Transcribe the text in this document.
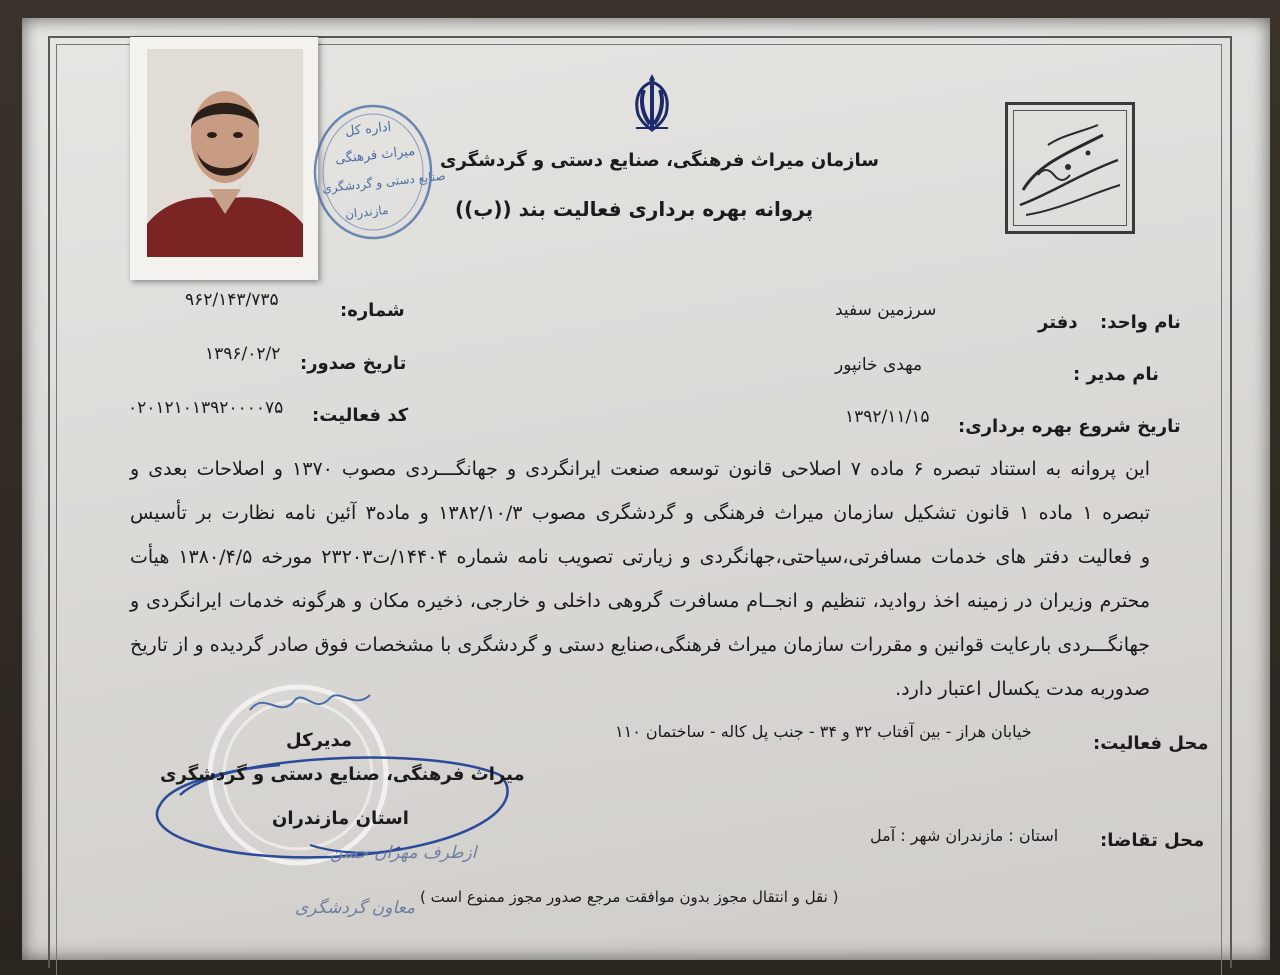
سازمان میراث فرهنگی، صنایع دستی و گردشگری
پروانه بهره برداری فعالیت بند ((ب))
اداره کل
میراث فرهنگی
صنایع دستی و گردشگری
مازندران
۹۶۲/۱۴۳/۷۳۵	شماره:
۱۳۹۶/۰۲/۲ تاریخ صدور:
۰۲۰۱۲۱۰۱۳۹۲۰۰۰۰۷۵ کد فعالیت:
سرزمین سفید
دفتر نام واحد:
مهدی خانپور	نام مدیر :
۱۳۹۲/۱۱/۱۵ تاریخ شروع بهره برداری:
این پروانه به استناد تبصره ۶ ماده ۷ اصلاحی قانون توسعه صنعت ایرانگردی و جهانگـــردی مصوب ۱۳۷۰ و اصلاحات بعدی و
تبصره ۱ ماده ۱ قانون تشکیل سازمان میراث فرهنگی و گردشگری مصوب ۱۳۸۲/۱۰/۳ و ماده۳ آئین نامه نظارت بر تأسیس
و فعالیت دفتر های خدمات مسافرتی،سیاحتی،جهانگردی و زیارتی تصویب نامه شماره ۱۴۴۰۴/ت۲۳۲۰۳ مورخه ۱۳۸۰/۴/۵ هیأت
محترم وزیران در زمینه اخذ روادید، تنظیم و انجــام مسافرت گروهی داخلی و خارجی، ذخیره مکان و هرگونه خدمات ایرانگردی و
جهانگـــردی بارعایت قوانین و مقررات سازمان میراث فرهنگی،صنایع دستی و گردشگری با مشخصات فوق صادر گردیده و از تاریخ
صدوربه مدت یکسال اعتبار دارد.
خیابان هراز - بین آفتاب ۳۲ و ۳۴ - جنب پل کاله - ساختمان ۱۱۰
محل فعالیت:
استان : مازندران شهر : آمل محل تقاضا:
مدیرکل
میراث فرهنگی، صنایع دستی و گردشگری
استان مازندران
ازطرف مهران حسن
معاون گردشگری
( نقل و انتقال مجوز بدون موافقت مرجع صدور مجوز ممنوع است )
